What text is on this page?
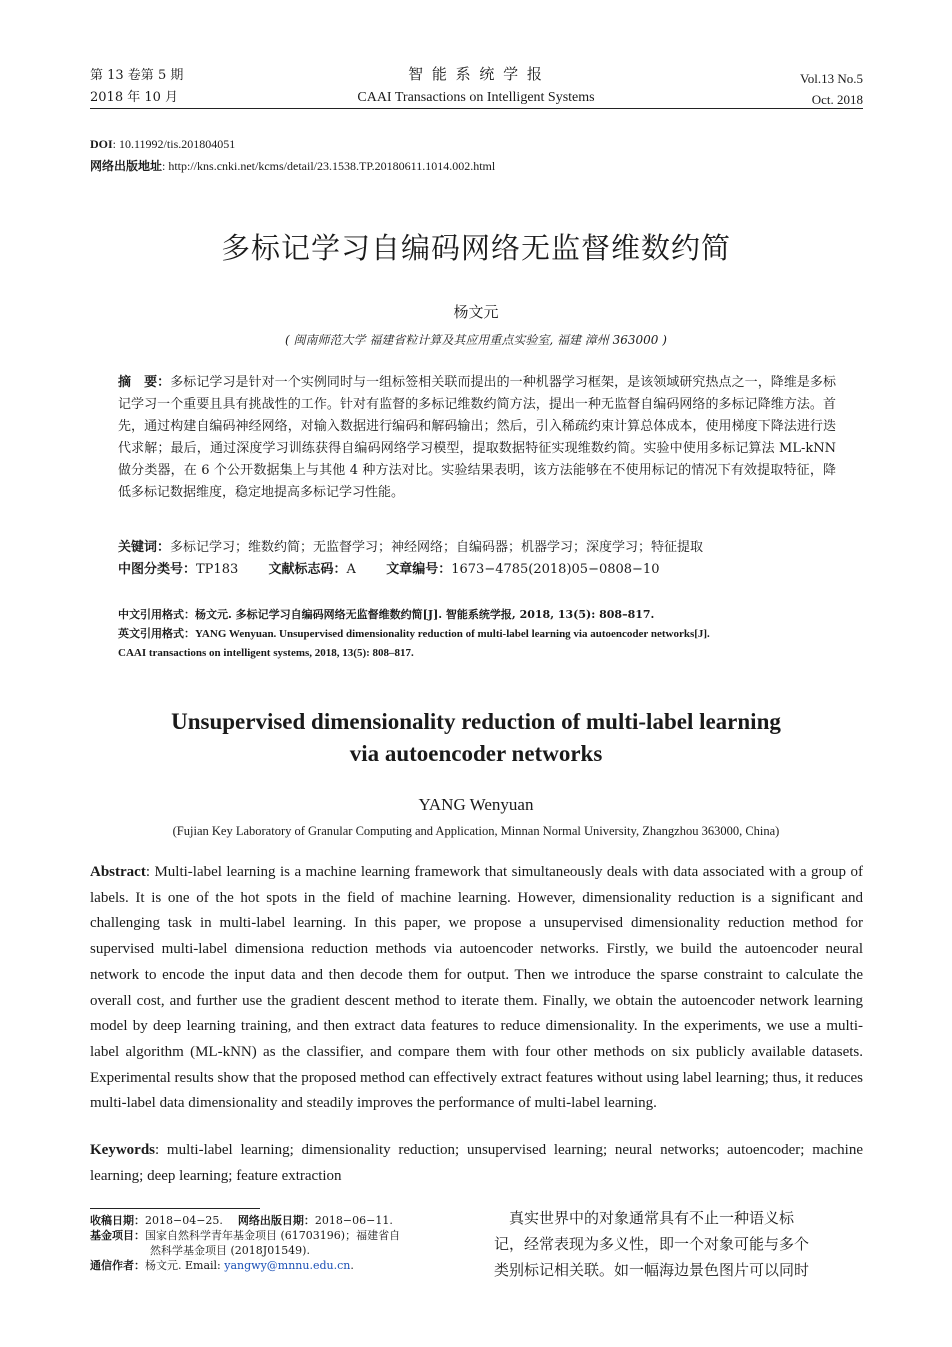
第 13 卷第 5 期
2018 年 10 月
智 能 系 统 学 报
CAAI Transactions on Intelligent Systems
Vol.13 No.5
Oct. 2018
DOI: 10.11992/tis.201804051
网络出版地址: http://kns.cnki.net/kcms/detail/23.1538.TP.20180611.1014.002.html
多标记学习自编码网络无监督维数约简
杨文元
( 闽南师范大学 福建省粒计算及其应用重点实验室, 福建 漳州 363000 )
摘　要：多标记学习是针对一个实例同时与一组标签相关联而提出的一种机器学习框架，是该领域研究热点之一，降维是多标记学习一个重要且具有挑战性的工作。针对有监督的多标记维数约简方法，提出一种无监督自编码网络的多标记降维方法。首先，通过构建自编码神经网络，对输入数据进行编码和解码输出；然后，引入稀疏约束计算总体成本，使用梯度下降法进行迭代求解；最后，通过深度学习训练获得自编码网络学习模型，提取数据特征实现维数约简。实验中使用多标记算法 ML-kNN 做分类器，在 6 个公开数据集上与其他 4 种方法对比。实验结果表明，该方法能够在不使用标记的情况下有效提取特征，降低多标记数据维度，稳定地提高多标记学习性能。
关键词：多标记学习；维数约简；无监督学习；神经网络；自编码器；机器学习；深度学习；特征提取
中图分类号：TP183 文献标志码：A 文章编号：1673−4785(2018)05−0808−10
中文引用格式：杨文元. 多标记学习自编码网络无监督维数约简[J]. 智能系统学报, 2018, 13(5): 808–817.
英文引用格式：YANG Wenyuan. Unsupervised dimensionality reduction of multi-label learning via autoencoder networks[J].
CAAI transactions on intelligent systems, 2018, 13(5): 808–817.
Unsupervised dimensionality reduction of multi-label learning
via autoencoder networks
YANG Wenyuan
(Fujian Key Laboratory of Granular Computing and Application, Minnan Normal University, Zhangzhou 363000, China)
Abstract: Multi-label learning is a machine learning framework that simultaneously deals with data associated with a group of labels. It is one of the hot spots in the field of machine learning. However, dimensionality reduction is a significant and challenging task in multi-label learning. In this paper, we propose a unsupervised dimensionality reduction method for supervised multi-label dimensiona reduction methods via autoencoder networks. Firstly, we build the autoencoder neural network to encode the input data and then decode them for output. Then we introduce the sparse constraint to calculate the overall cost, and further use the gradient descent method to iterate them. Finally, we obtain the autoencoder network learning model by deep learning training, and then extract data features to reduce dimensionality. In the experiments, we use a multi-label algorithm (ML-kNN) as the classifier, and compare them with four other methods on six publicly available datasets. Experimental results show that the proposed method can effectively extract features without using label learning; thus, it reduces multi-label data dimensionality and steadily improves the performance of multi-label learning.
Keywords: multi-label learning; dimensionality reduction; unsupervised learning; neural networks; autoencoder; machine learning; deep learning; feature extraction
收稿日期：2018−04−25. 网络出版日期：2018−06−11.
基金项目：国家自然科学青年基金项目 (61703196)；福建省自
然科学基金项目 (2018J01549).
通信作者：杨文元. Email: yangwy@mnnu.edu.cn.
　真实世界中的对象通常具有不止一种语义标
记，经常表现为多义性，即一个对象可能与多个
类别标记相关联。如一幅海边景色图片可以同时
